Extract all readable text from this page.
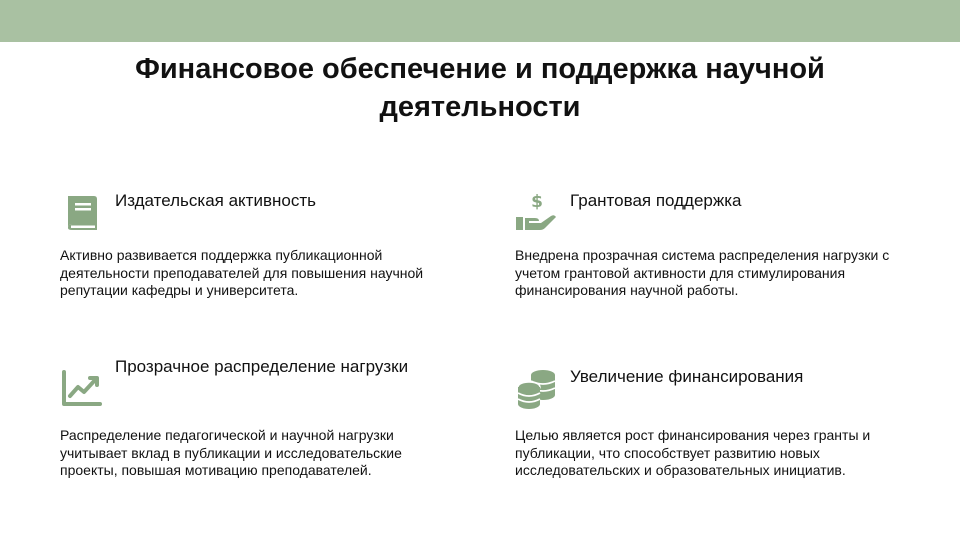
Финансовое обеспечение и поддержка научной деятельности
Издательская активность
Активно развивается поддержка публикационной деятельности преподавателей для повышения научной репутации кафедры и университета.
$ Грантовая поддержка
Внедрена прозрачная система распределения нагрузки с учетом грантовой активности для стимулирования финансирования научной работы.
Прозрачное распределение нагрузки
Распределение педагогической и научной нагрузки учитывает вклад в публикации и исследовательские проекты, повышая мотивацию преподавателей.
Увеличение финансирования
Целью является рост финансирования через гранты и публикации, что способствует развитию новых исследовательских и образовательных инициатив.
